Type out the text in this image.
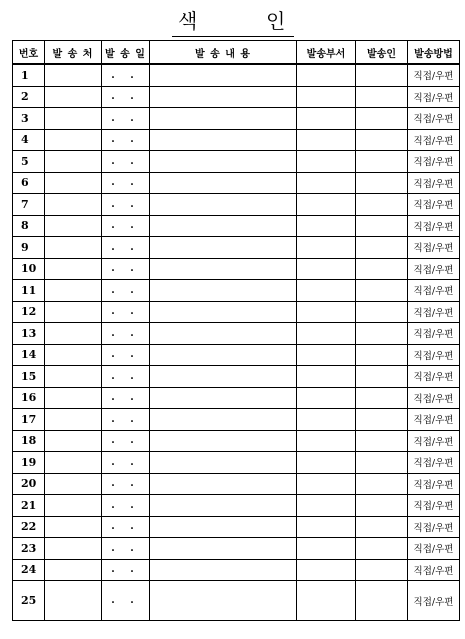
색	인
번호	발 송 처	발 송 일	발 송 내 용	발송부서	발송인	발송방법
1		. .				직접/우편
2		. .				직접/우편
3		. .				직접/우편
4		. .				직접/우편
5		. .				직접/우편
6		. .				직접/우편
7		. .				직접/우편
8		. .				직접/우편
9		. .				직접/우편
10		. .				직접/우편
11		. .				직접/우편
12		. .				직접/우편
13		. .				직접/우편
14		. .				직접/우편
15		. .				직접/우편
16		. .				직접/우편
17		. .				직접/우편
18		. .				직접/우편
19		. .				직접/우편
20		. .				직접/우편
21		. .				직접/우편
22		. .				직접/우편
23		. .				직접/우편
24		. .				직접/우편
25		. .				직접/우편
